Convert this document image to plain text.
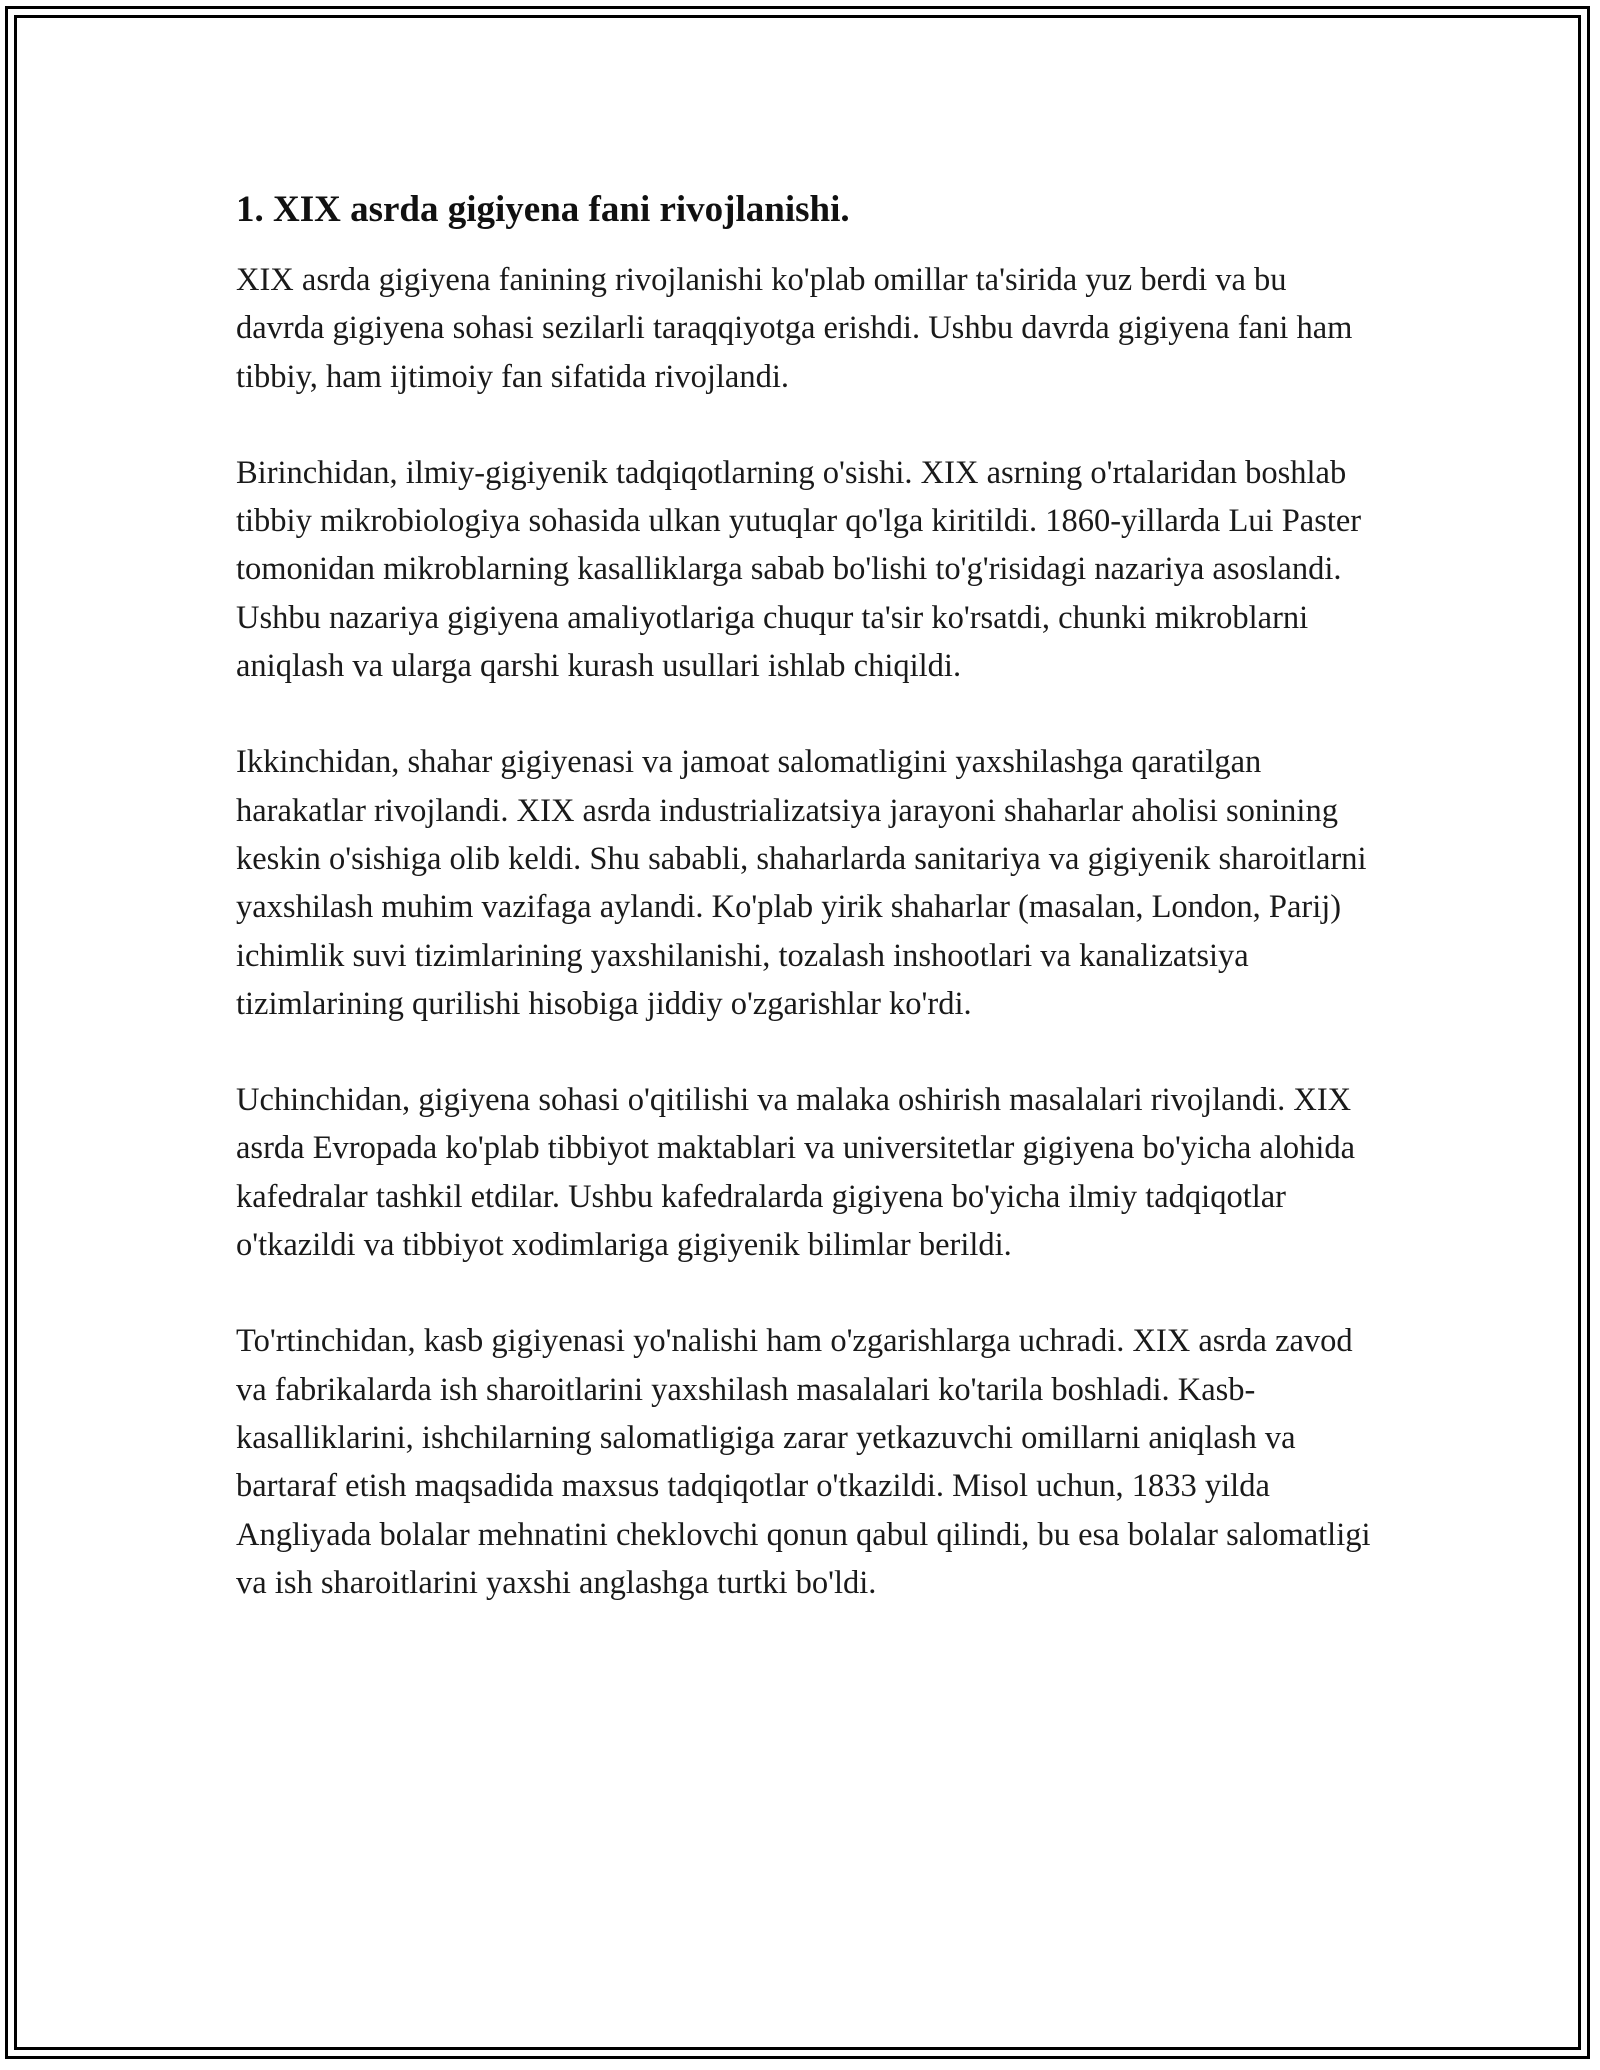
1. XIX asrda gigiyena fani rivojlanishi.

XIX asrda gigiyena fanining rivojlanishi ko'plab omillar ta'sirida yuz berdi va bu davrda gigiyena sohasi sezilarli taraqqiyotga erishdi. Ushbu davrda gigiyena fani ham tibbiy, ham ijtimoiy fan sifatida rivojlandi.

Birinchidan, ilmiy-gigiyenik tadqiqotlarning o'sishi. XIX asrning o'rtalaridan boshlab tibbiy mikrobiologiya sohasida ulkan yutuqlar qo'lga kiritildi. 1860-yillarda Lui Paster tomonidan mikroblarning kasalliklarga sabab bo'lishi to'g'risidagi nazariya asoslandi. Ushbu nazariya gigiyena amaliyotlariga chuqur ta'sir ko'rsatdi, chunki mikroblarni aniqlash va ularga qarshi kurash usullari ishlab chiqildi.

Ikkinchidan, shahar gigiyenasi va jamoat salomatligini yaxshilashga qaratilgan harakatlar rivojlandi. XIX asrda industrializatsiya jarayoni shaharlar aholisi sonining keskin o'sishiga olib keldi. Shu sababli, shaharlarda sanitariya va gigiyenik sharoitlarni yaxshilash muhim vazifaga aylandi. Ko'plab yirik shaharlar (masalan, London, Parij) ichimlik suvi tizimlarining yaxshilanishi, tozalash inshootlari va kanalizatsiya tizimlarining qurilishi hisobiga jiddiy o'zgarishlar ko'rdi.

Uchinchidan, gigiyena sohasi o'qitilishi va malaka oshirish masalalari rivojlandi. XIX asrda Evropada ko'plab tibbiyot maktablari va universitetlar gigiyena bo'yicha alohida kafedralar tashkil etdilar. Ushbu kafedralarda gigiyena bo'yicha ilmiy tadqiqotlar o'tkazildi va tibbiyot xodimlariga gigiyenik bilimlar berildi.

To'rtinchidan, kasb gigiyenasi yo'nalishi ham o'zgarishlarga uchradi. XIX asrda zavod va fabrikalarda ish sharoitlarini yaxshilash masalalari ko'tarila boshladi. Kasb-kasalliklarini, ishchilarning salomatligiga zarar yetkazuvchi omillarni aniqlash va bartaraf etish maqsadida maxsus tadqiqotlar o'tkazildi. Misol uchun, 1833 yilda Angliyada bolalar mehnatini cheklovchi qonun qabul qilindi, bu esa bolalar salomatligi va ish sharoitlarini yaxshi anglashga turtki bo'ldi.
